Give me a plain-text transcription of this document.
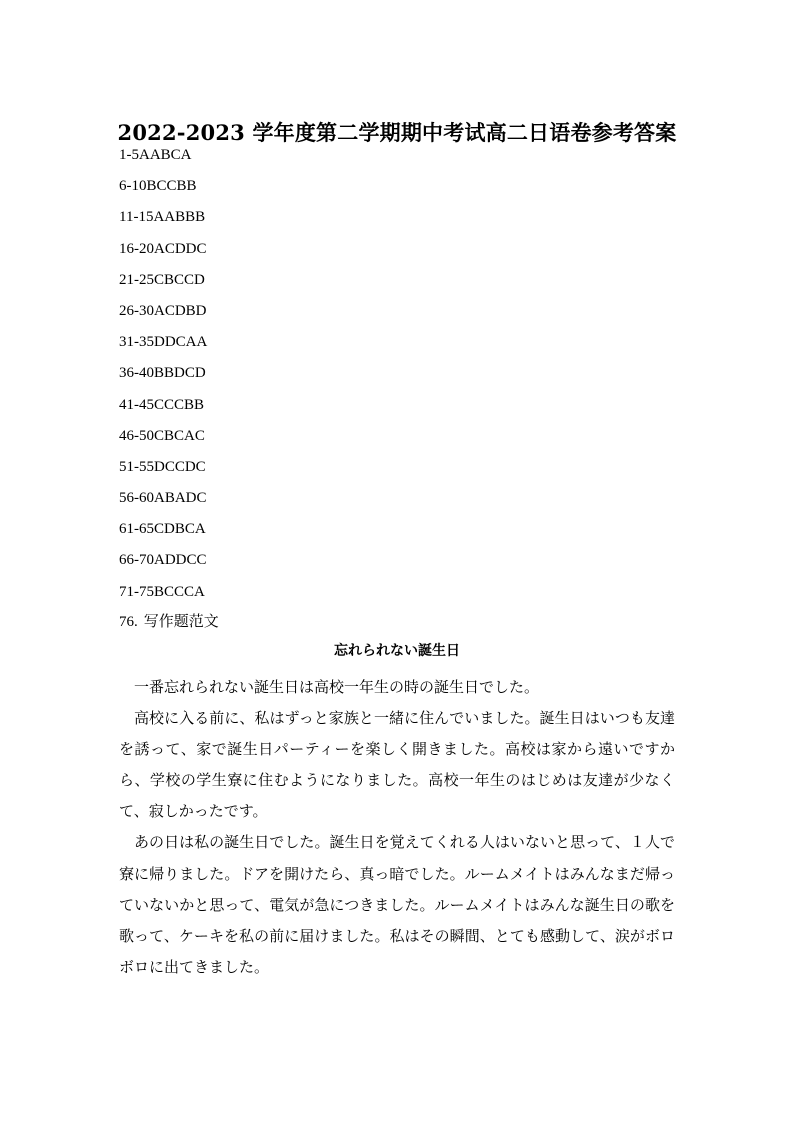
2022-2023 学年度第二学期期中考试高二日语卷参考答案
1-5AABCA
6-10BCCBB
11-15AABBB
16-20ACDDC
21-25CBCCD
26-30ACDBD
31-35DDCAA
36-40BBDCD
41-45CCCBB
46-50CBCAC
51-55DCCDC
56-60ABADC
61-65CDBCA
66-70ADDCC
71-75BCCCA
76. 写作题范文
忘れられない誕生日

一番忘れられない誕生日は高校一年生の時の誕生日でした。

高校に入る前に、私はずっと家族と一緒に住んでいました。誕生日はいつも友達を誘って、家で誕生日パーティーを楽しく開きました。高校は家から遠いですから、学校の学生寮に住むようになりました。高校一年生のはじめは友達が少なくて、寂しかったです。

あの日は私の誕生日でした。誕生日を覚えてくれる人はいないと思って、１人で寮に帰りました。ドアを開けたら、真っ暗でした。ルームメイトはみんなまだ帰っていないかと思って、電気が急につきました。ルームメイトはみんな誕生日の歌を歌って、ケーキを私の前に届けました。私はその瞬間、とても感動して、涙がボロボロに出てきました。
